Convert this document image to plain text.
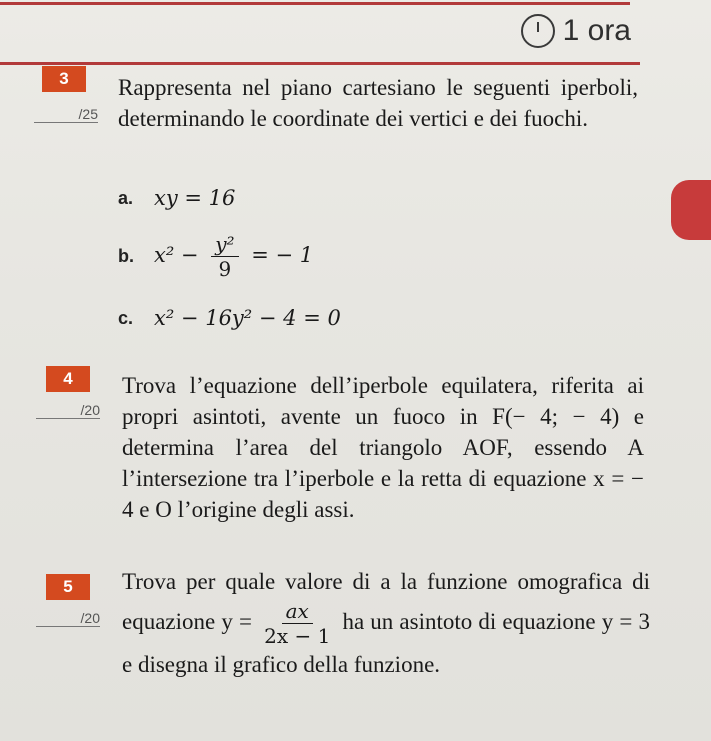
1 ora
3
/25
Rappresenta nel piano cartesiano le seguenti iperboli, determinando le coordinate dei vertici e dei fuochi.
a. xy = 16
b. $x^2 - \frac{\text{y²}}{9}$ = − 1
c. x² − 16y² − 4 = 0
4
/20
Trova l’equazione dell’iperbole equilatera, riferita ai propri asintoti, avente un fuoco in F(− 4; − 4) e determina l’area del triangolo AOF, essendo A l’intersezione tra l’iperbole e la retta di equazione x = − 4 e O l’origine degli assi.
5
/20
Trova per quale valore di a la funzione omografica di equazione $y = \frac{ax}{2x - 1}$ ha un asintoto di equazione y = 3 e disegna il grafico della funzione.
